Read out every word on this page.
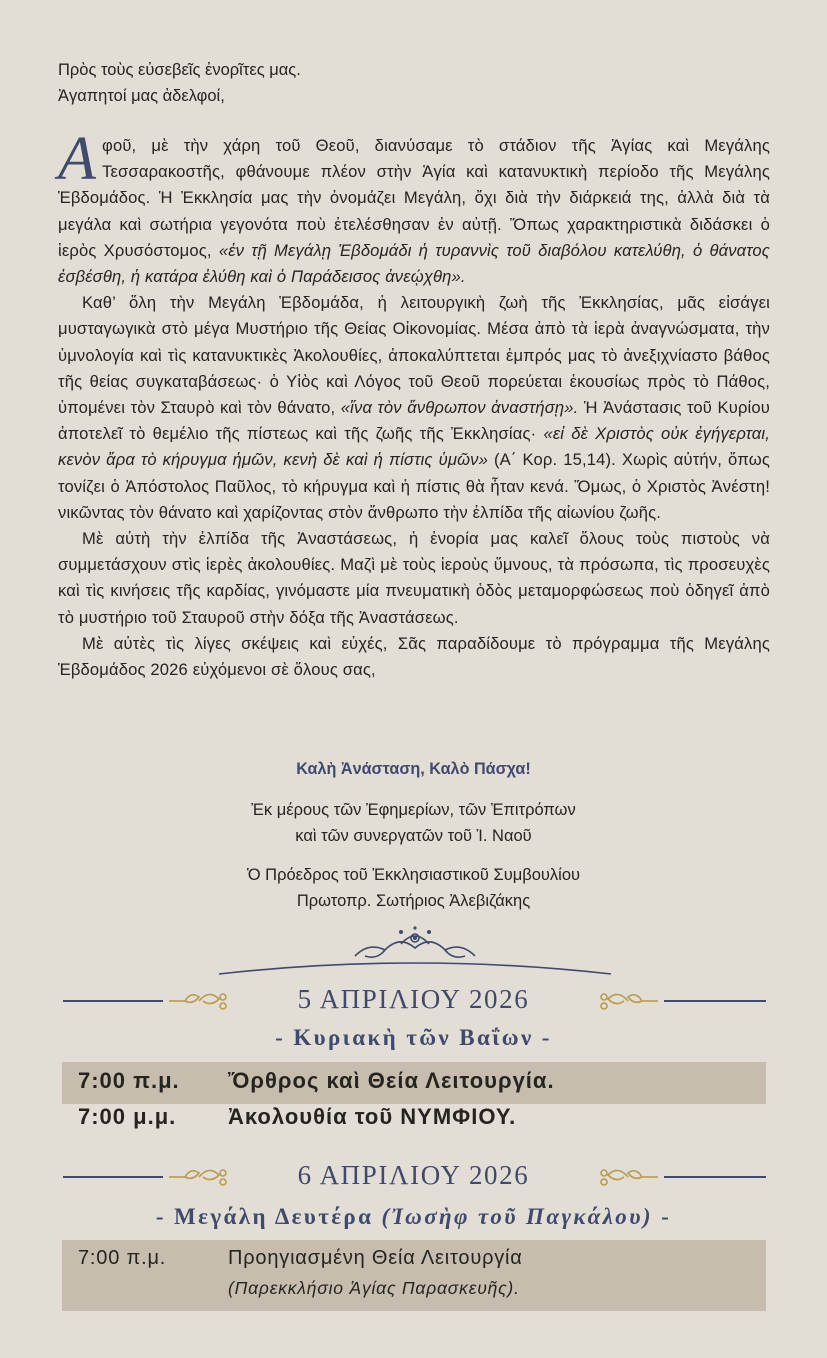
Πρὸς τοὺς εὐσεβεῖς ἐνορῖτες μας.
Ἀγαπητοί μας ἀδελφοί,

Αφοῦ, μὲ τὴν χάρη τοῦ Θεοῦ, διανύσαμε τὸ στάδιον τῆς Ἁγίας καὶ Μεγάλης Τεσσαρακοστῆς, φθάνουμε πλέον στὴν Ἁγία καὶ κατανυκτικὴ περίοδο τῆς Μεγάλης Ἑβδομάδος. Ἡ Ἐκκλησία μας τὴν ὀνομάζει Μεγάλη, ὄχι διὰ τὴν διάρκειά της, ἀλλὰ διὰ τὰ μεγάλα καὶ σωτήρια γεγονότα ποὺ ἐτελέσθησαν ἐν αὐτῇ. Ὅπως χαρακτηριστικὰ διδάσκει ὁ ἱερὸς Χρυσόστομος, «ἐν τῇ Μεγάλῃ Ἑβδομάδι ἡ τυραννὶς τοῦ διαβόλου κατελύθη, ὁ θάνατος ἐσβέσθη, ἡ κατάρα ἐλύθη καὶ ὁ Παράδεισος ἀνεῴχθη».

Καθ’ ὅλη τὴν Μεγάλη Ἑβδομάδα, ἡ λειτουργικὴ ζωὴ τῆς Ἐκκλησίας, μᾶς εἰσάγει μυσταγωγικὰ στὸ μέγα Μυστήριο τῆς Θείας Οἰκονομίας. Μέσα ἀπὸ τὰ ἱερὰ ἀναγνώσματα, τὴν ὑμνολογία καὶ τὶς κατανυκτικὲς Ἀκολουθίες, ἀποκαλύπτεται ἐμπρός μας τὸ ἀνεξιχνίαστο βάθος τῆς θείας συγκαταβάσεως· ὁ Υἱὸς καὶ Λόγος τοῦ Θεοῦ πορεύεται ἑκουσίως πρὸς τὸ Πάθος, ὑπομένει τὸν Σταυρὸ καὶ τὸν θάνατο, «ἵνα τὸν ἄνθρωπον ἀναστήσῃ». Ἡ Ἀνάστασις τοῦ Κυρίου ἀποτελεῖ τὸ θεμέλιο τῆς πίστεως καὶ τῆς ζωῆς τῆς Ἐκκλησίας· «εἰ δὲ Χριστὸς οὐκ ἐγήγερται, κενὸν ἄρα τὸ κήρυγμα ἡμῶν, κενὴ δὲ καὶ ἡ πίστις ὑμῶν» (Α΄ Κορ. 15,14). Χωρὶς αὐτήν, ὅπως τονίζει ὁ Ἀπόστολος Παῦλος, τὸ κήρυγμα καὶ ἡ πίστις θὰ ἦταν κενά. Ὅμως, ὁ Χριστὸς Ἀνέστη! νικῶντας τὸν θάνατο καὶ χαρίζοντας στὸν ἄνθρωπο τὴν ἐλπίδα τῆς αἰωνίου ζωῆς.

Μὲ αὐτὴ τὴν ἐλπίδα τῆς Ἀναστάσεως, ἡ ἐνορία μας καλεῖ ὅλους τοὺς πιστοὺς νὰ συμμετάσχουν στὶς ἱερὲς ἀκολουθίες. Μαζὶ μὲ τοὺς ἱεροὺς ὕμνους, τὰ πρόσωπα, τὶς προσευχὲς καὶ τὶς κινήσεις τῆς καρδίας, γινόμαστε μία πνευματικὴ ὁδὸς μεταμορφώσεως ποὺ ὁδηγεῖ ἀπὸ τὸ μυστήριο τοῦ Σταυροῦ στὴν δόξα τῆς Ἀναστάσεως.

Μὲ αὐτὲς τὶς λίγες σκέψεις καὶ εὐχές, Σᾶς παραδίδουμε τὸ πρόγραμμα τῆς Μεγάλης Ἑβδομάδος 2026 εὐχόμενοι σὲ ὅλους σας,

Καλὴ Ἀνάσταση, Καλὸ Πάσχα!
Ἐκ μέρους τῶν Ἐφημερίων, τῶν Ἐπιτρόπων
καὶ τῶν συνεργατῶν τοῦ Ἱ. Ναοῦ
Ὁ Πρόεδρος τοῦ Ἐκκλησιαστικοῦ Συμβουλίου
Πρωτοπρ. Σωτήριος Ἀλεβιζάκης
5 ΑΠΡΙΛΙΟΥ 2026
- Κυριακὴ τῶν Βαΐων -
7:00 π.μ. Ὄρθρος καὶ Θεία Λειτουργία.
7:00 μ.μ. Ἀκολουθία τοῦ ΝΥΜΦΙΟΥ.
6 ΑΠΡΙΛΙΟΥ 2026
- Μεγάλη Δευτέρα (Ἰωσὴφ τοῦ Παγκάλου) -
7:00 π.μ.	Προηγιασμένη Θεία Λειτουργία
(Παρεκκλήσιο Ἁγίας Παρασκευῆς).
